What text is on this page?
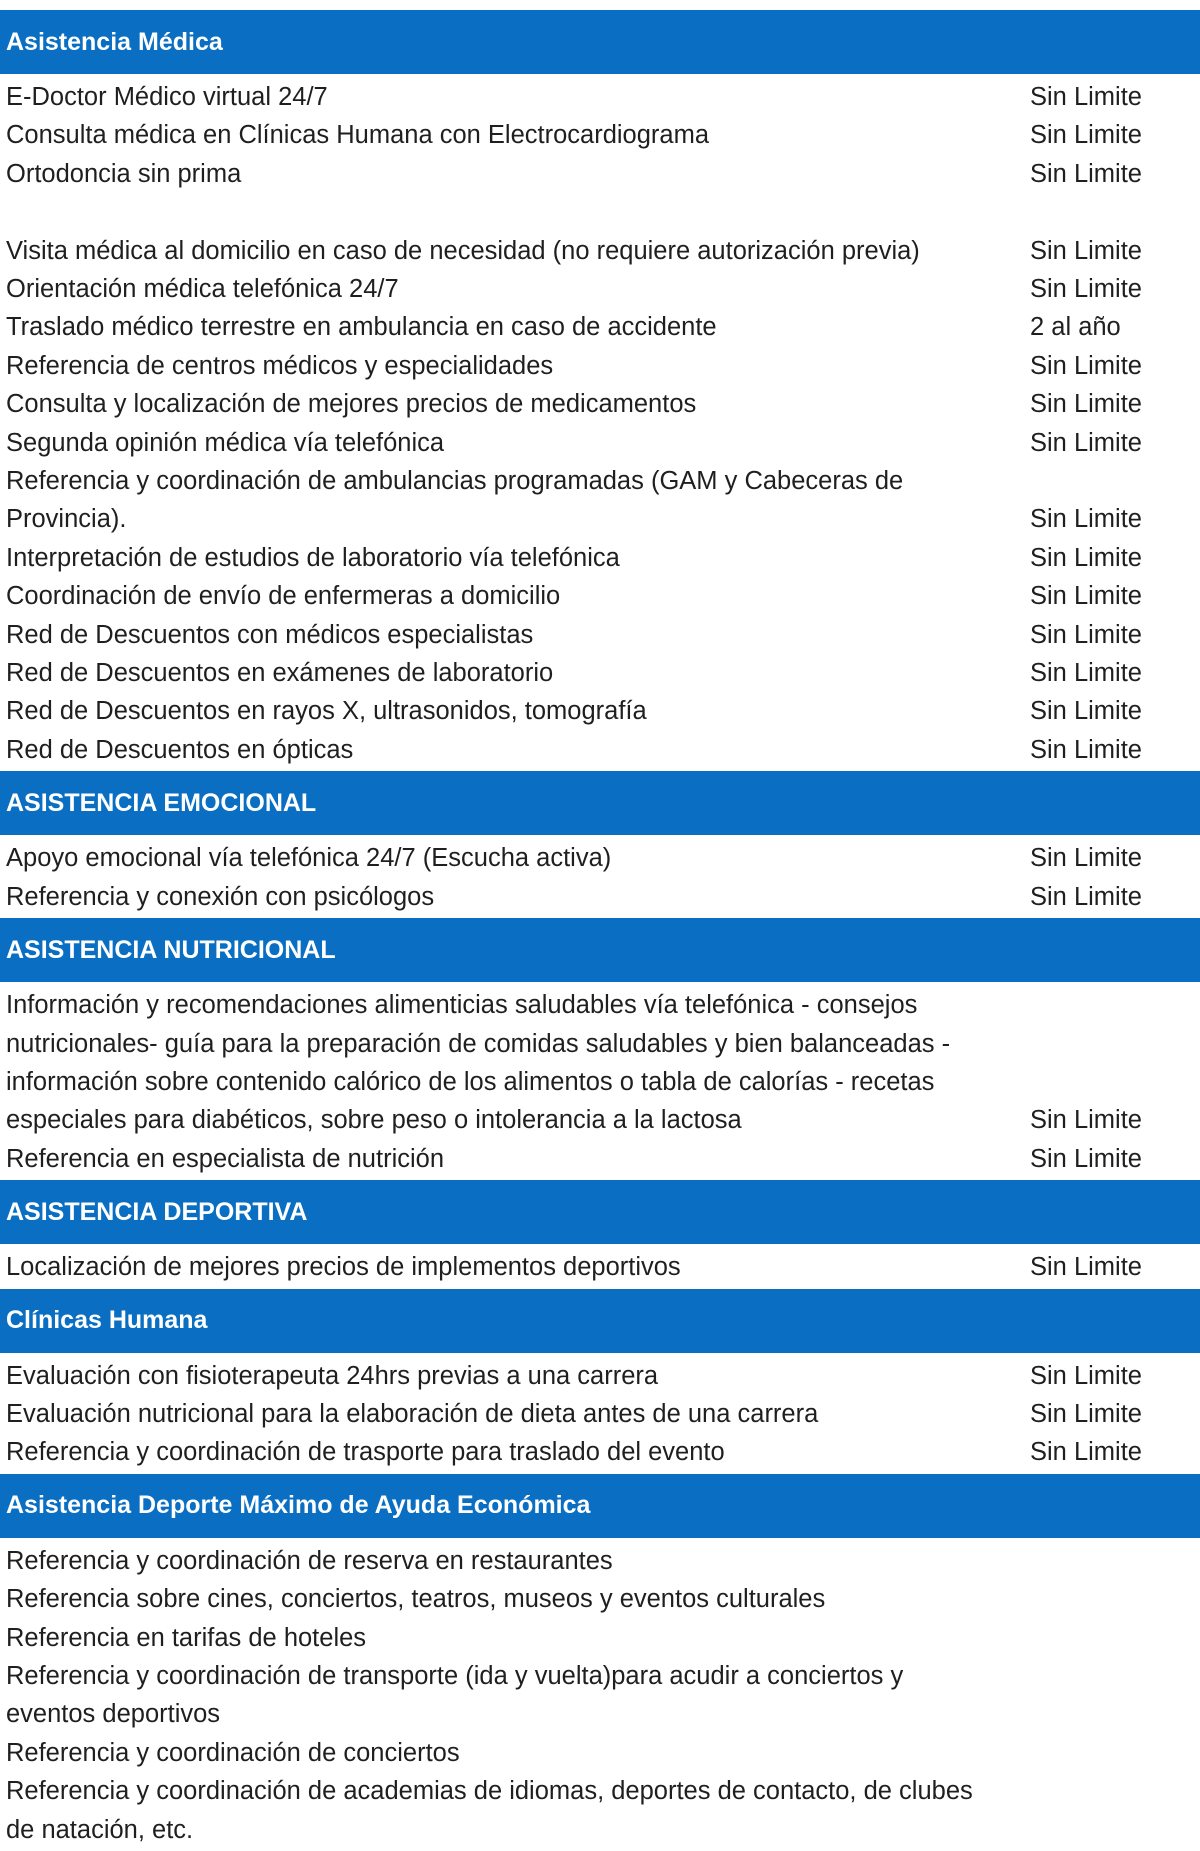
Asistencia Médica
E-Doctor Médico virtual 24/7	Sin Limite
Consulta médica en Clínicas Humana con Electrocardiograma	Sin Limite
Ortodoncia sin prima	Sin Limite
Visita médica al domicilio en caso de necesidad (no requiere autorización previa)	Sin Limite
Orientación médica telefónica 24/7	Sin Limite
Traslado médico terrestre en ambulancia en caso de accidente	2 al año
Referencia de centros médicos y especialidades	Sin Limite
Consulta y localización de mejores precios de medicamentos	Sin Limite
Segunda opinión médica vía telefónica	Sin Limite
Referencia y coordinación de ambulancias programadas (GAM y Cabeceras de
Provincia).	Sin Limite
Interpretación de estudios de laboratorio vía telefónica	Sin Limite
Coordinación de envío de enfermeras a domicilio	Sin Limite
Red de Descuentos con médicos especialistas	Sin Limite
Red de Descuentos en exámenes de laboratorio	Sin Limite
Red de Descuentos en rayos X, ultrasonidos, tomografía	Sin Limite
Red de Descuentos en ópticas	Sin Limite
ASISTENCIA EMOCIONAL
Apoyo emocional vía telefónica 24/7 (Escucha activa)	Sin Limite
Referencia y conexión con psicólogos	Sin Limite
ASISTENCIA NUTRICIONAL
Información y recomendaciones alimenticias saludables vía telefónica - consejos
nutricionales- guía para la preparación de comidas saludables y bien balanceadas -
información sobre contenido calórico de los alimentos o tabla de calorías - recetas
especiales para diabéticos, sobre peso o intolerancia a la lactosa	Sin Limite
Referencia en especialista de nutrición	Sin Limite
ASISTENCIA DEPORTIVA
Localización de mejores precios de implementos deportivos	Sin Limite
Clínicas Humana
Evaluación con fisioterapeuta 24hrs previas a una carrera	Sin Limite
Evaluación nutricional para la elaboración de dieta antes de una carrera	Sin Limite
Referencia y coordinación de trasporte para traslado del evento	Sin Limite
Asistencia Deporte Máximo de Ayuda Económica
Referencia y coordinación de reserva en restaurantes
Referencia sobre cines, conciertos, teatros, museos y eventos culturales
Referencia en tarifas de hoteles
Referencia y coordinación de transporte (ida y vuelta)para acudir a conciertos y
eventos deportivos
Referencia y coordinación de conciertos
Referencia y coordinación de academias de idiomas, deportes de contacto, de clubes
de natación, etc.
